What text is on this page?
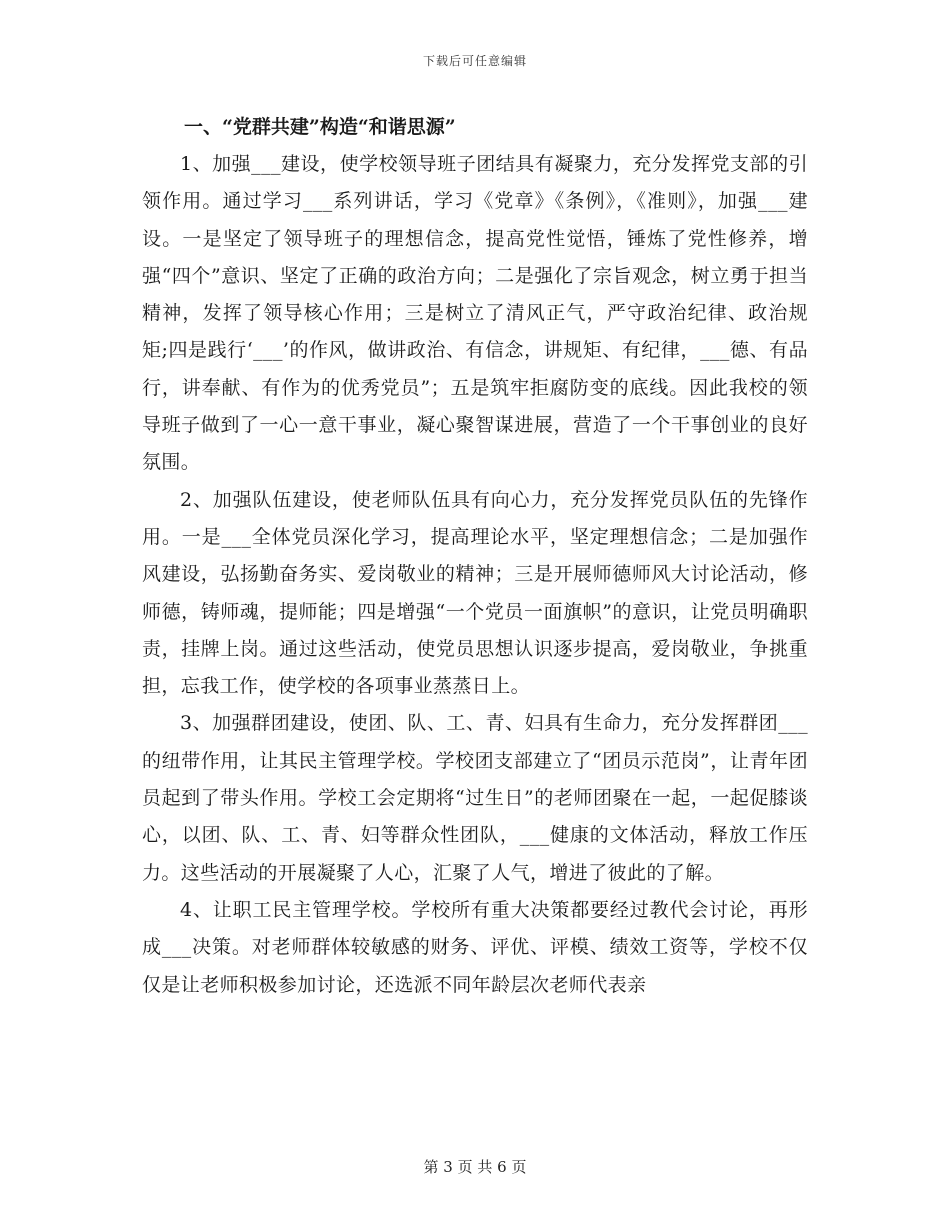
下载后可任意编辑
一、“党群共建”构造“和谐思源”

1、加强___建设，使学校领导班子团结具有凝聚力，充分发挥党支部的引领作用。通过学习___系列讲话，学习《党章》《条例》，《准则》，加强___建设。一是坚定了领导班子的理想信念，提高党性觉悟，锤炼了党性修养，增强“四个”意识、坚定了正确的政治方向；二是强化了宗旨观念，树立勇于担当精神，发挥了领导核心作用；三是树立了清风正气，严守政治纪律、政治规矩;四是践行‘___’的作风，做讲政治、有信念，讲规矩、有纪律，___德、有品行，讲奉献、有作为的优秀党员”；五是筑牢拒腐防变的底线。因此我校的领导班子做到了一心一意干事业，凝心聚智谋进展，营造了一个干事创业的良好氛围。

2、加强队伍建设，使老师队伍具有向心力，充分发挥党员队伍的先锋作用。一是___全体党员深化学习，提高理论水平，坚定理想信念；二是加强作风建设，弘扬勤奋务实、爱岗敬业的精神；三是开展师德师风大讨论活动，修师德，铸师魂，提师能；四是增强“一个党员一面旗帜”的意识，让党员明确职责，挂牌上岗。通过这些活动，使党员思想认识逐步提高，爱岗敬业，争挑重担，忘我工作，使学校的各项事业蒸蒸日上。

3、加强群团建设，使团、队、工、青、妇具有生命力，充分发挥群团___的纽带作用，让其民主管理学校。学校团支部建立了“团员示范岗”，让青年团员起到了带头作用。学校工会定期将“过生日”的老师团聚在一起，一起促膝谈心，以团、队、工、青、妇等群众性团队，___健康的文体活动，释放工作压力。这些活动的开展凝聚了人心，汇聚了人气，增进了彼此的了解。

4、让职工民主管理学校。学校所有重大决策都要经过教代会讨论，再形成___决策。对老师群体较敏感的财务、评优、评模、绩效工资等，学校不仅仅是让老师积极参加讨论，还选派不同年龄层次老师代表亲

第 3 页 共 6 页
